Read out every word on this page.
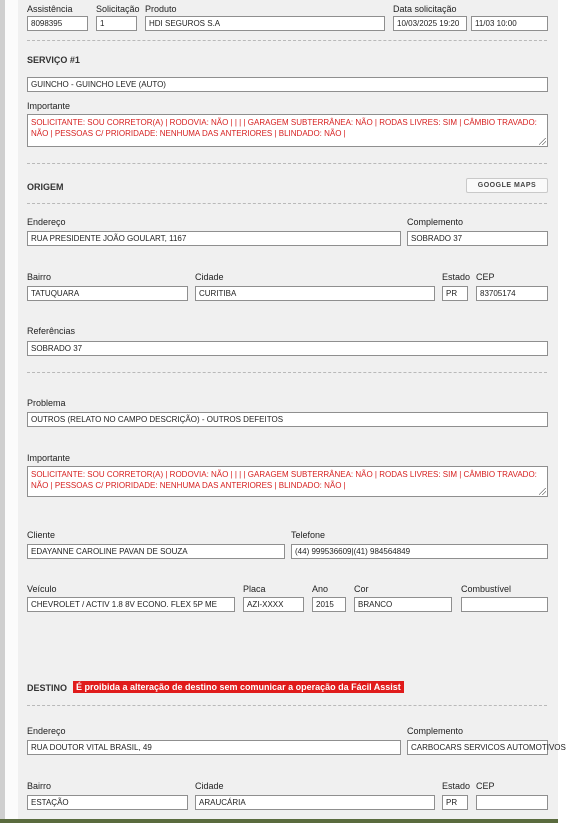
Assistência
8098395
Solicitação
1
Produto
HDI SEGUROS S.A
Data solicitação
10/03/2025 19:20	11/03 10:00
SERVIÇO #1
GUINCHO - GUINCHO LEVE (AUTO)
Importante
SOLICITANTE: SOU CORRETOR(A) | RODOVIA: NÃO | | | | GARAGEM SUBTERRÂNEA: NÃO | RODAS LIVRES: SIM | CÂMBIO TRAVADO: NÃO | PESSOAS C/ PRIORIDADE: NENHUMA DAS ANTERIORES | BLINDADO: NÃO |
ORIGEM	GOOGLE MAPS
Endereço
RUA PRESIDENTE JOÃO GOULART, 1167
Complemento
SOBRADO 37
Bairro
TATUQUARA
Cidade
CURITIBA
Estado
PR
CEP
83705174
Referências
SOBRADO 37
Problema
OUTROS (RELATO NO CAMPO DESCRIÇÃO) - OUTROS DEFEITOS
Importante
SOLICITANTE: SOU CORRETOR(A) | RODOVIA: NÃO | | | | GARAGEM SUBTERRÂNEA: NÃO | RODAS LIVRES: SIM | CÂMBIO TRAVADO: NÃO | PESSOAS C/ PRIORIDADE: NENHUMA DAS ANTERIORES | BLINDADO: NÃO |
Cliente
EDAYANNE CAROLINE PAVAN DE SOUZA
Telefone
(44) 999536609|(41) 984564849
Veículo
CHEVROLET / ACTIV 1.8 8V ECONO. FLEX 5P ME
Placa
AZI-XXXX
Ano
2015
Cor
BRANCO
Combustível
DESTINO É proibida a alteração de destino sem comunicar a operação da Fácil Assist
Endereço
RUA DOUTOR VITAL BRASIL, 49
Complemento
CARBOCARS SERVICOS AUTOMOTIVOS
Bairro
ESTAÇÃO
Cidade
ARAUCÁRIA
Estado
PR
CEP
